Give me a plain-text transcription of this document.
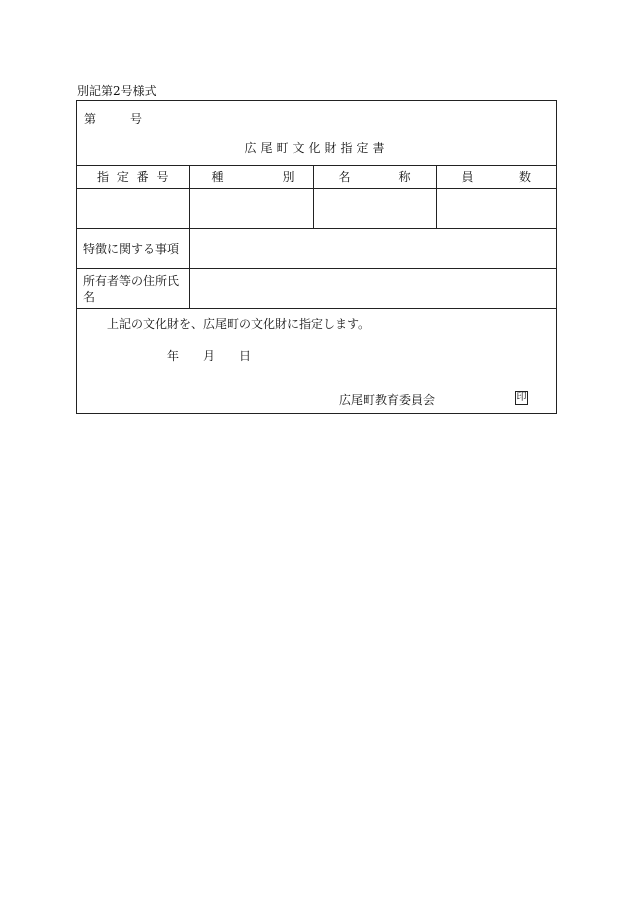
別記第2号様式
第	号
広尾町文化財指定書
指 定 番 号	種 別	名 称	員 数

特徴に関する事項			

所有者等の住所氏
名			

上記の文化財を、広尾町の文化財に指定します。
年 月 日
広尾町教育委員会	印
